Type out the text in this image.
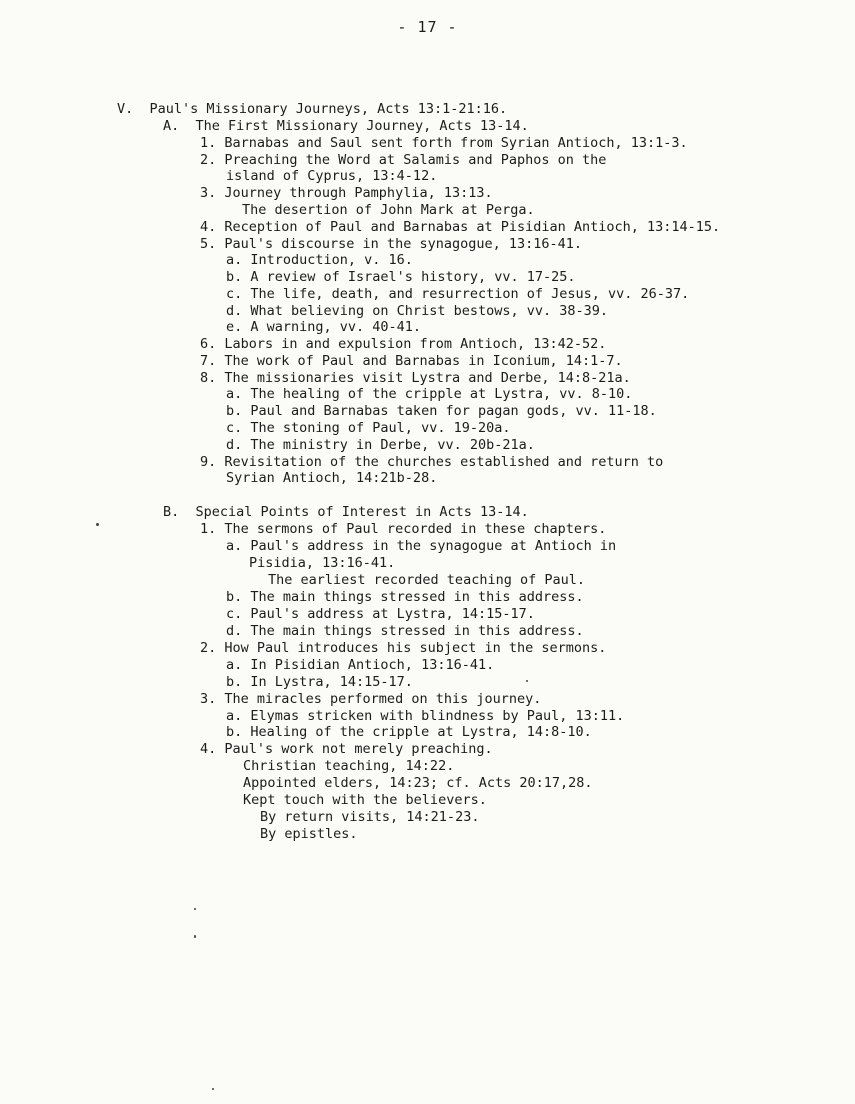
- 17 -
V.  Paul's Missionary Journeys, Acts 13:1-21:16.
A.  The First Missionary Journey, Acts 13-14.
1. Barnabas and Saul sent forth from Syrian Antioch, 13:1-3.
2. Preaching the Word at Salamis and Paphos on the
island of Cyprus, 13:4-12.
3. Journey through Pamphylia, 13:13.
The desertion of John Mark at Perga.
4. Reception of Paul and Barnabas at Pisidian Antioch, 13:14-15.
5. Paul's discourse in the synagogue, 13:16-41.
a. Introduction, v. 16.
b. A review of Israel's history, vv. 17-25.
c. The life, death, and resurrection of Jesus, vv. 26-37.
d. What believing on Christ bestows, vv. 38-39.
e. A warning, vv. 40-41.
6. Labors in and expulsion from Antioch, 13:42-52.
7. The work of Paul and Barnabas in Iconium, 14:1-7.
8. The missionaries visit Lystra and Derbe, 14:8-21a.
a. The healing of the cripple at Lystra, vv. 8-10.
b. Paul and Barnabas taken for pagan gods, vv. 11-18.
c. The stoning of Paul, vv. 19-20a.
d. The ministry in Derbe, vv. 20b-21a.
9. Revisitation of the churches established and return to
Syrian Antioch, 14:21b-28.
B.  Special Points of Interest in Acts 13-14.
1. The sermons of Paul recorded in these chapters.
a. Paul's address in the synagogue at Antioch in
Pisidia, 13:16-41.
The earliest recorded teaching of Paul.
b. The main things stressed in this address.
c. Paul's address at Lystra, 14:15-17.
d. The main things stressed in this address.
2. How Paul introduces his subject in the sermons.
a. In Pisidian Antioch, 13:16-41.
b. In Lystra, 14:15-17.
3. The miracles performed on this journey.
a. Elymas stricken with blindness by Paul, 13:11.
b. Healing of the cripple at Lystra, 14:8-10.
4. Paul's work not merely preaching.
Christian teaching, 14:22.
Appointed elders, 14:23; cf. Acts 20:17,28.
Kept touch with the believers.
By return visits, 14:21-23.
By epistles.
